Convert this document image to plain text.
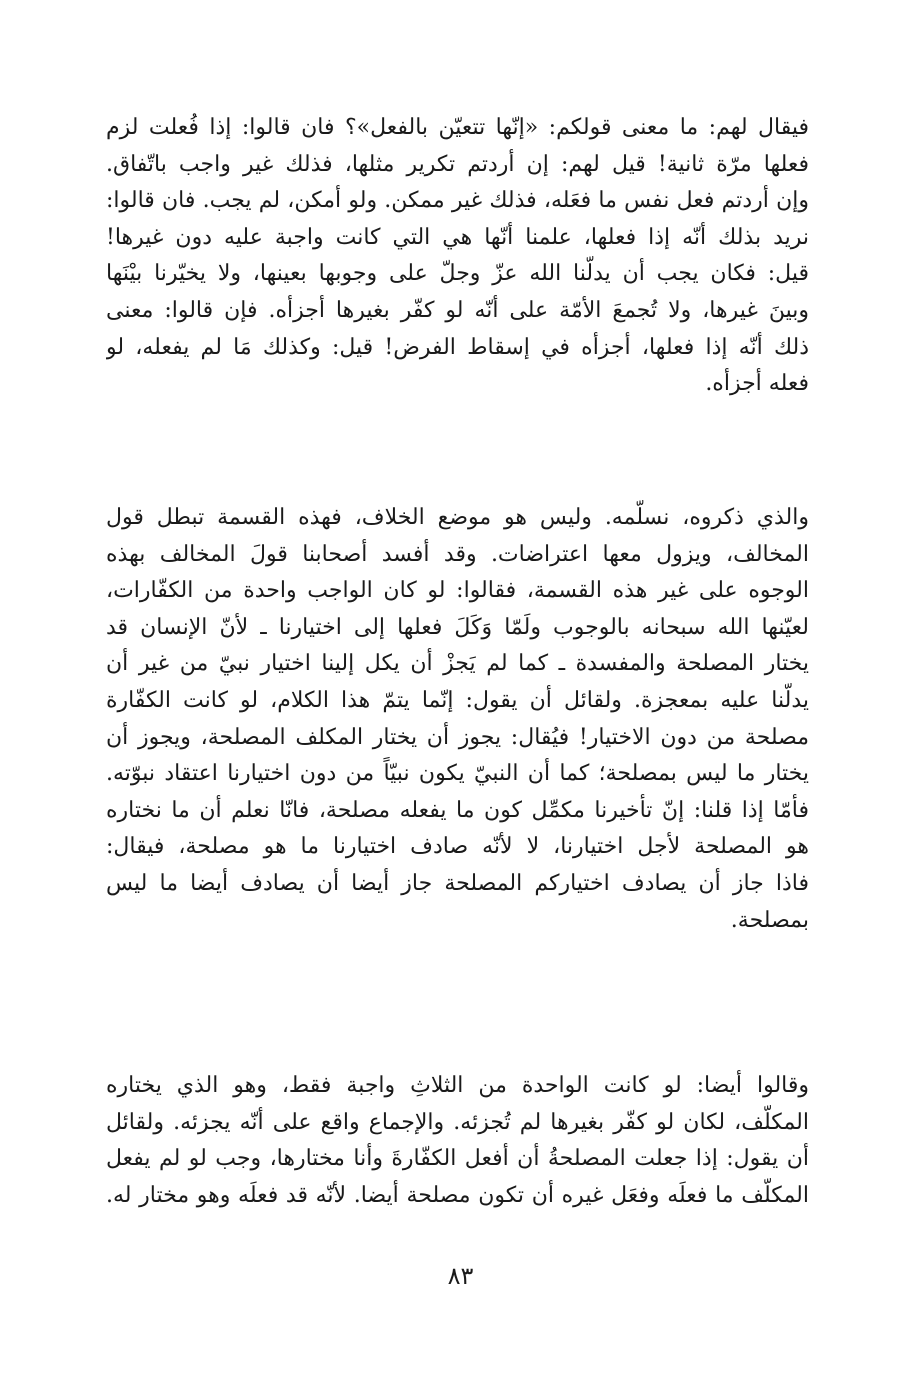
فيقال لهم: ما معنى قولكم: «إنّها تتعيّن بالفعل»؟ فان قالوا: إذا فُعلت لزم
فعلها مرّة ثانية! قيل لهم: إن أردتم تكرير مثلها، فذلك غير واجب باتّفاق.
وإن أردتم فعل نفس ما فعَله، فذلك غير ممكن. ولو أمكن، لم يجب. فان قالوا:
نريد بذلك أنّه إذا فعلها، علمنا أنّها هي التي كانت واجبة عليه دون غيرها!
قيل: فكان يجب أن يدلّنا الله عزّ وجلّ على وجوبها بعينها، ولا يخيّرنا بيْنَها
وبينَ غيرها، ولا تُجمعَ الأمّة على أنّه لو كفّر بغيرها أجزأه. فإن قالوا: معنى
ذلك أنّه إذا فعلها، أجزأه في إسقاط الفرض! قيل: وكذلك مَا لم يفعله، لو
فعله أجزأه.
والذي ذكروه، نسلّمه. وليس هو موضع الخلاف، فهذه القسمة تبطل قول
المخالف، ويزول معها اعتراضات. وقد أفسد أصحابنا قولَ المخالف بهذه
الوجوه على غير هذه القسمة، فقالوا: لو كان الواجب واحدة من الكفّارات،
لعيّنها الله سبحانه بالوجوب ولَمّا وَكَلَ فعلها إلى اختيارنا ـ لأنّ الإنسان قد
يختار المصلحة والمفسدة ـ كما لم يَجزْ أن يكل إلينا اختيار نبيّ من غير أن
يدلّنا عليه بمعجزة. ولقائل أن يقول: إنّما يتمّ هذا الكلام، لو كانت الكفّارة
مصلحة من دون الاختيار! فيُقال: يجوز أن يختار المكلف المصلحة، ويجوز أن
يختار ما ليس بمصلحة؛ كما أن النبيّ يكون نبيّاً من دون اختيارنا اعتقاد نبوّته.
فأمّا إذا قلنا: إنّ تأخيرنا مكمِّل كون ما يفعله مصلحة، فانّا نعلم أن ما نختاره
هو المصلحة لأجل اختيارنا، لا لأنّه صادف اختيارنا ما هو مصلحة، فيقال:
فاذا جاز أن يصادف اختياركم المصلحة جاز أيضا أن يصادف أيضا ما ليس
بمصلحة.
وقالوا أيضا: لو كانت الواحدة من الثلاثِ واجبة فقط، وهو الذي يختاره
المكلَّف، لكان لو كفّر بغيرها لم تُجزئه. والإجماع واقع على أنّه يجزئه. ولقائل
أن يقول: إذا جعلت المصلحةُ أن أفعل الكفّارةَ وأنا مختارها، وجب لو لم يفعل
المكلّف ما فعلَه وفعَل غيره أن تكون مصلحة أيضا. لأنّه قد فعلَه وهو مختار له.
٨٣
